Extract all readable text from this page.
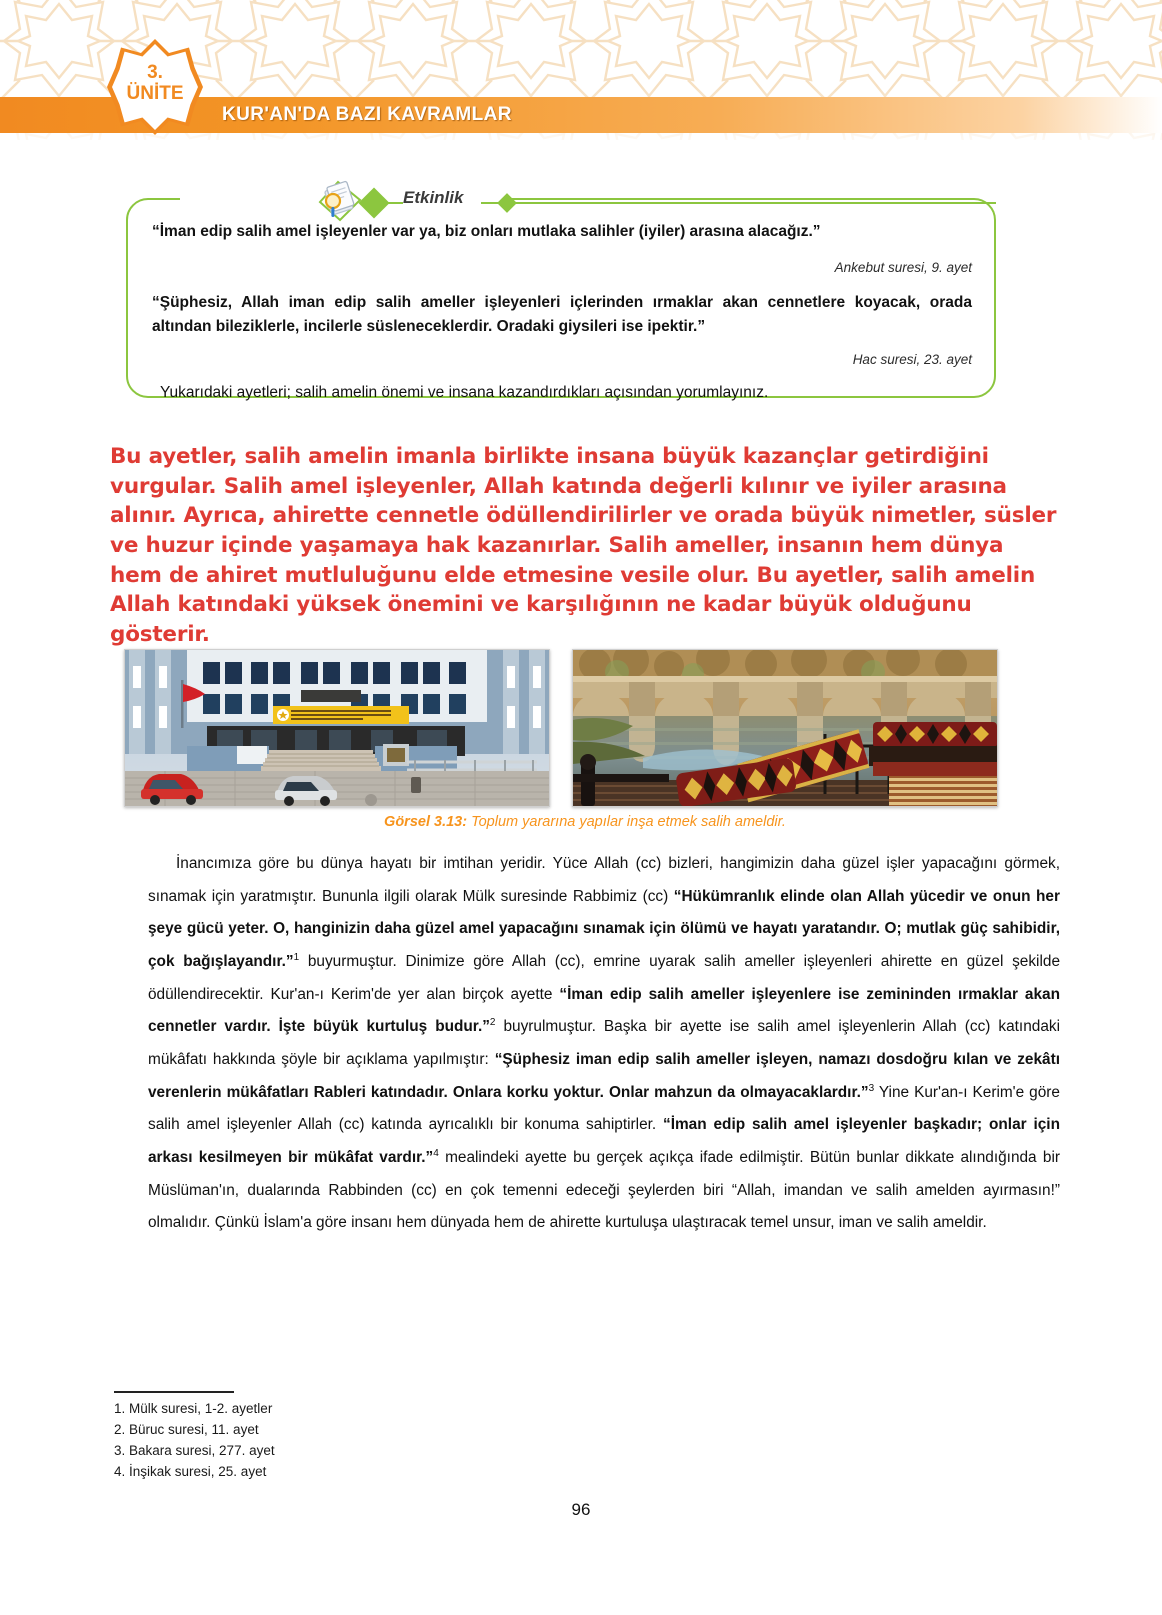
KUR'AN'DA BAZI KAVRAMLAR
3.
ÜNİTE
Etkinlik
“İman edip salih amel işleyenler var ya, biz onları mutlaka salihler (iyiler) arasına alacağız.”
Ankebut suresi, 9. ayet
“Şüphesiz, Allah iman edip salih ameller işleyenleri içlerinden ırmaklar akan cennetlere koyacak, orada altından bileziklerle, incilerle süsleneceklerdir. Oradaki giysileri ise ipektir.”
Hac suresi, 23. ayet
Yukarıdaki ayetleri; salih amelin önemi ve insana kazandırdıkları açısından yorumlayınız.
Bu ayetler, salih amelin imanla birlikte insana büyük kazançlar getirdiğini vurgular. Salih amel işleyenler, Allah katında değerli kılınır ve iyiler arasına alınır. Ayrıca, ahirette cennetle ödüllendirilirler ve orada büyük nimetler, süsler ve huzur içinde yaşamaya hak kazanırlar. Salih ameller, insanın hem dünya hem de ahiret mutluluğunu elde etmesine vesile olur. Bu ayetler, salih amelin Allah katındaki yüksek önemini ve karşılığının ne kadar büyük olduğunu gösterir.
Görsel 3.13: Toplum yararına yapılar inşa etmek salih ameldir.
İnancımıza göre bu dünya hayatı bir imtihan yeridir. Yüce Allah (cc) bizleri, hangimizin daha güzel işler yapacağını görmek, sınamak için yaratmıştır. Bununla ilgili olarak Mülk suresinde Rabbimiz (cc) “Hükümranlık elinde olan Allah yücedir ve onun her şeye gücü yeter. O, hanginizin daha güzel amel yapacağını sınamak için ölümü ve hayatı yaratandır. O; mutlak güç sahibidir, çok bağışlayandır.”$^1$ buyurmuştur. Dinimize göre Allah (cc), emrine uyarak salih ameller işleyenleri ahirette en güzel şekilde ödüllendirecektir. Kur'an-ı Kerim'de yer alan birçok ayette “İman edip salih ameller işleyenlere ise zemininden ırmaklar akan cennetler vardır. İşte büyük kurtuluş budur.”$^2$ buyrulmuştur. Başka bir ayette ise salih amel işleyenlerin Allah (cc) katındaki mükâfatı hakkında şöyle bir açıklama yapılmıştır: “Şüphesiz iman edip salih ameller işleyen, namazı dosdoğru kılan ve zekâtı verenlerin mükâfatları Rableri katındadır. Onlara korku yoktur. Onlar mahzun da olmayacaklardır.”$^3$ Yine Kur'an-ı Kerim'e göre salih amel işleyenler Allah (cc) katında ayrıcalıklı bir konuma sahiptirler. “İman edip salih amel işleyenler başkadır; onlar için arkası kesilmeyen bir mükâfat vardır.”$^4$ mealindeki ayette bu gerçek açıkça ifade edilmiştir. Bütün bunlar dikkate alındığında bir Müslüman'ın, dualarında Rabbinden (cc) en çok temenni edeceği şeylerden biri “Allah, imandan ve salih amelden ayırmasın!” olmalıdır. Çünkü İslam'a göre insanı hem dünyada hem de ahirette kurtuluşa ulaştıracak temel unsur, iman ve salih ameldir.
1. Mülk suresi, 1-2. ayetler
2. Büruc suresi, 11. ayet
3. Bakara suresi, 277. ayet
4. İnşikak suresi, 25. ayet
96
